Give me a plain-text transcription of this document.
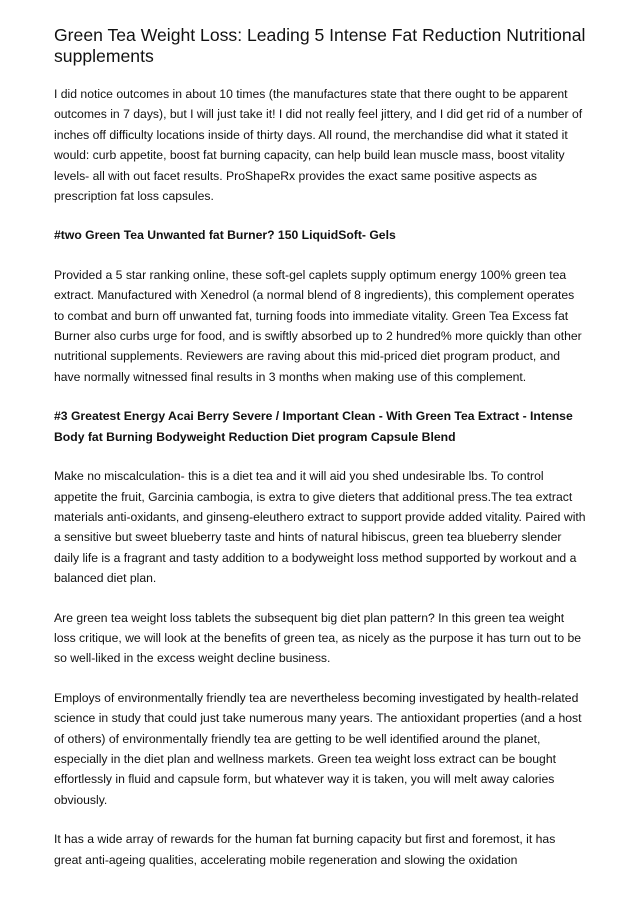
Green Tea Weight Loss: Leading 5 Intense Fat Reduction Nutritional supplements

I did notice outcomes in about 10 times (the manufactures state that there ought to be apparent outcomes in 7 days), but I will just take it! I did not really feel jittery, and I did get rid of a number of inches off difficulty locations inside of thirty days. All round, the merchandise did what it stated it would: curb appetite, boost fat burning capacity, can help build lean muscle mass, boost vitality levels- all with out facet results. ProShapeRx provides the exact same positive aspects as prescription fat loss capsules.

#two Green Tea Unwanted fat Burner? 150 LiquidSoft- Gels

Provided a 5 star ranking online, these soft-gel caplets supply optimum energy 100% green tea extract. Manufactured with Xenedrol (a normal blend of 8 ingredients), this complement operates to combat and burn off unwanted fat, turning foods into immediate vitality. Green Tea Excess fat Burner also curbs urge for food, and is swiftly absorbed up to 2 hundred% more quickly than other nutritional supplements. Reviewers are raving about this mid-priced diet program product, and have normally witnessed final results in 3 months when making use of this complement.

#3 Greatest Energy Acai Berry Severe / Important Clean - With Green Tea Extract - Intense Body fat Burning Bodyweight Reduction Diet program Capsule Blend

Make no miscalculation- this is a diet tea and it will aid you shed undesirable lbs. To control appetite the fruit, Garcinia cambogia, is extra to give dieters that additional press.The tea extract materials anti-oxidants, and ginseng-eleuthero extract to support provide added vitality. Paired with a sensitive but sweet blueberry taste and hints of natural hibiscus, green tea blueberry slender daily life is a fragrant and tasty addition to a bodyweight loss method supported by workout and a balanced diet plan.

Are green tea weight loss tablets the subsequent big diet plan pattern? In this green tea weight loss critique, we will look at the benefits of green tea, as nicely as the purpose it has turn out to be so well-liked in the excess weight decline business.

Employs of environmentally friendly tea are nevertheless becoming investigated by health-related science in study that could just take numerous many years. The antioxidant properties (and a host of others) of environmentally friendly tea are getting to be well identified around the planet, especially in the diet plan and wellness markets. Green tea weight loss extract can be bought effortlessly in fluid and capsule form, but whatever way it is taken, you will melt away calories obviously.

It has a wide array of rewards for the human fat burning capacity but first and foremost, it has great anti-ageing qualities, accelerating mobile regeneration and slowing the oxidation
